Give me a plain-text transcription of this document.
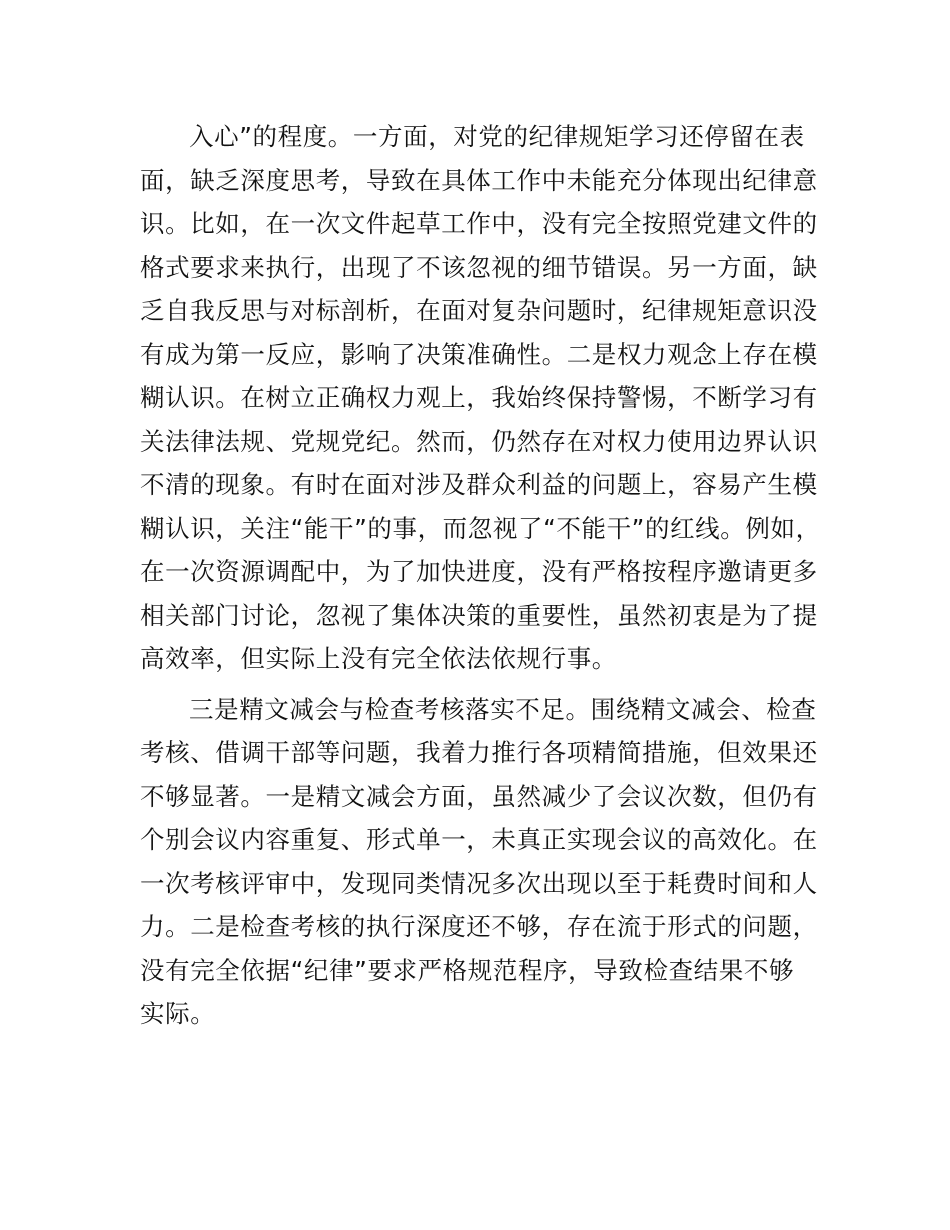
入心”的程度。一方面，对党的纪律规矩学习还停留在表
面，缺乏深度思考，导致在具体工作中未能充分体现出纪律意
识。比如，在一次文件起草工作中，没有完全按照党建文件的
格式要求来执行，出现了不该忽视的细节错误。另一方面，缺
乏自我反思与对标剖析，在面对复杂问题时，纪律规矩意识没
有成为第一反应，影响了决策准确性。二是权力观念上存在模
糊认识。在树立正确权力观上，我始终保持警惕，不断学习有
关法律法规、党规党纪。然而，仍然存在对权力使用边界认识
不清的现象。有时在面对涉及群众利益的问题上，容易产生模
糊认识，关注“能干”的事，而忽视了“不能干”的红线。例如，
在一次资源调配中，为了加快进度，没有严格按程序邀请更多
相关部门讨论，忽视了集体决策的重要性，虽然初衷是为了提
高效率，但实际上没有完全依法依规行事。

三是精文减会与检查考核落实不足。围绕精文减会、检查
考核、借调干部等问题，我着力推行各项精简措施，但效果还
不够显著。一是精文减会方面，虽然减少了会议次数，但仍有
个别会议内容重复、形式单一，未真正实现会议的高效化。在
一次考核评审中，发现同类情况多次出现以至于耗费时间和人
力。二是检查考核的执行深度还不够，存在流于形式的问题，
没有完全依据“纪律”要求严格规范程序，导致检查结果不够
实际。
